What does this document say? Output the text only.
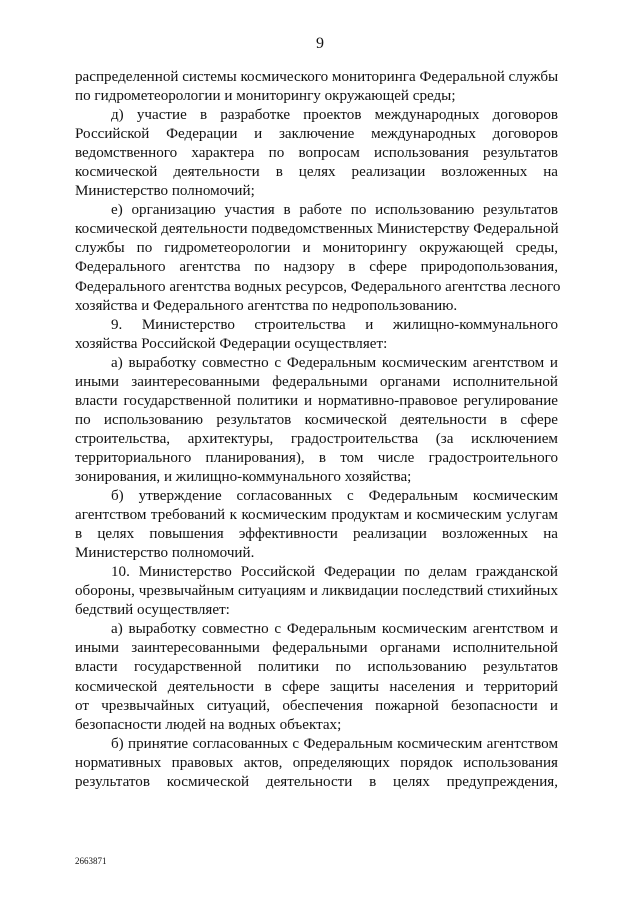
9
распределенной системы космического мониторинга Федеральной службы
по гидрометеорологии и мониторингу окружающей среды;
д) участие в разработке проектов международных договоров
Российской Федерации и заключение международных договоров
ведомственного характера по вопросам использования результатов
космической деятельности в целях реализации возложенных на
Министерство полномочий;
е) организацию участия в работе по использованию результатов
космической деятельности подведомственных Министерству Федеральной
службы по гидрометеорологии и мониторингу окружающей среды,
Федерального агентства по надзору в сфере природопользования,
Федерального агентства водных ресурсов, Федерального агентства лесного
хозяйства и Федерального агентства по недропользованию.
9. Министерство строительства и жилищно-коммунального
хозяйства Российской Федерации осуществляет:
а) выработку совместно с Федеральным космическим агентством и
иными заинтересованными федеральными органами исполнительной
власти государственной политики и нормативно-правовое регулирование
по использованию результатов космической деятельности в сфере
строительства, архитектуры, градостроительства (за исключением
территориального планирования), в том числе градостроительного
зонирования, и жилищно-коммунального хозяйства;
б) утверждение согласованных с Федеральным космическим
агентством требований к космическим продуктам и космическим услугам
в целях повышения эффективности реализации возложенных на
Министерство полномочий.
10. Министерство Российской Федерации по делам гражданской
обороны, чрезвычайным ситуациям и ликвидации последствий стихийных
бедствий осуществляет:
а) выработку совместно с Федеральным космическим агентством и
иными заинтересованными федеральными органами исполнительной
власти государственной политики по использованию результатов
космической деятельности в сфере защиты населения и территорий
от чрезвычайных ситуаций, обеспечения пожарной безопасности и
безопасности людей на водных объектах;
б) принятие согласованных с Федеральным космическим агентством
нормативных правовых актов, определяющих порядок использования
результатов космической деятельности в целях предупреждения,
2663871
